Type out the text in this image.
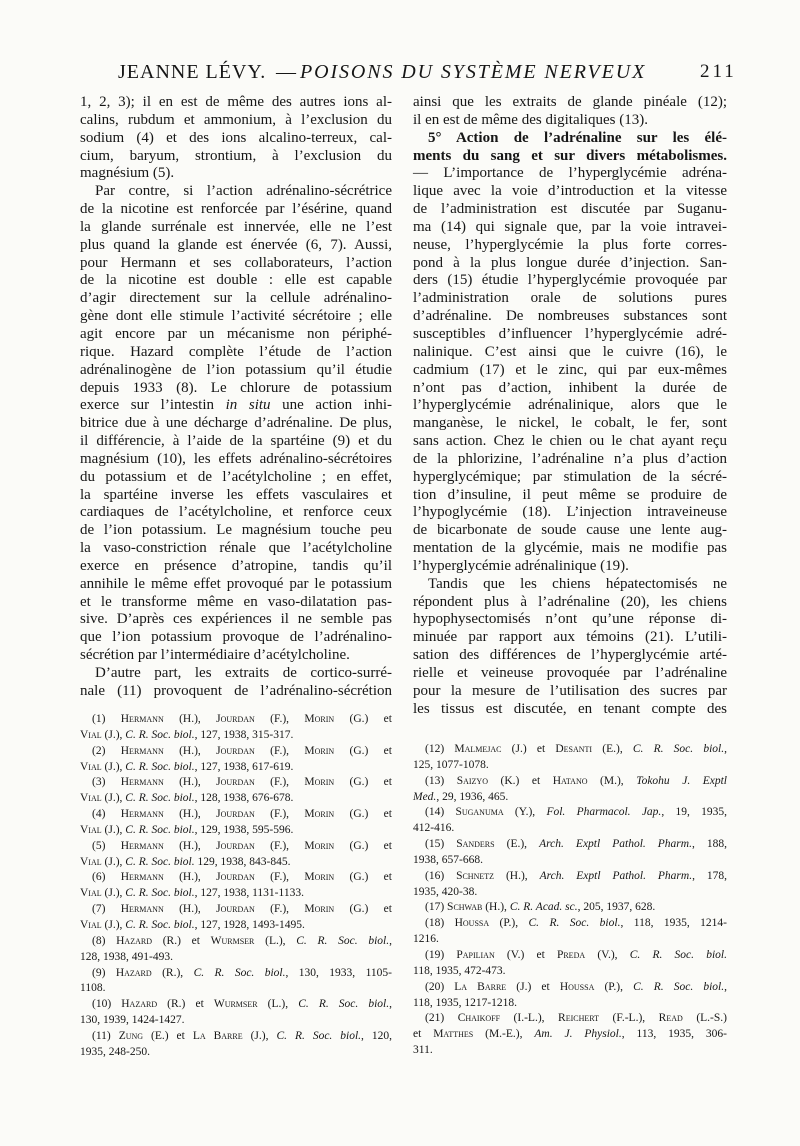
JEANNE LÉVY. — POISONS DU SYSTÈME NERVEUX	211
1, 2, 3); il en est de même des autres ions al-
calins, rubdum et ammonium, à l’exclusion du
sodium (4) et des ions alcalino-terreux, cal-
cium, baryum, strontium, à l’exclusion du
magnésium (5).
Par contre, si l’action adrénalino-sécrétrice
de la nicotine est renforcée par l’ésérine, quand
la glande surrénale est innervée, elle ne l’est
plus quand la glande est énervée (6, 7). Aussi,
pour Hermann et ses collaborateurs, l’action
de la nicotine est double : elle est capable
d’agir directement sur la cellule adrénalino-
gène dont elle stimule l’activité sécrétoire ; elle
agit encore par un mécanisme non périphé-
rique. Hazard complète l’étude de l’action
adrénalinogène de l’ion potassium qu’il étudie
depuis 1933 (8). Le chlorure de potassium
exerce sur l’intestin in situ une action inhi-
bitrice due à une décharge d’adrénaline. De plus,
il différencie, à l’aide de la spartéine (9) et du
magnésium (10), les effets adrénalino-sécrétoires
du potassium et de l’acétylcholine ; en effet,
la spartéine inverse les effets vasculaires et
cardiaques de l’acétylcholine, et renforce ceux
de l’ion potassium. Le magnésium touche peu
la vaso-constriction rénale que l’acétylcholine
exerce en présence d’atropine, tandis qu’il
annihile le même effet provoqué par le potassium
et le transforme même en vaso-dilatation pas-
sive. D’après ces expériences il ne semble pas
que l’ion potassium provoque de l’adrénalino-
sécrétion par l’intermédiaire d’acétylcholine.
D’autre part, les extraits de cortico-surré-
nale (11) provoquent de l’adrénalino-sécrétion
ainsi que les extraits de glande pinéale (12);
il en est de même des digitaliques (13).
5° Action de l’adrénaline sur les élé-
ments du sang et sur divers métabolismes.
— L’importance de l’hyperglycémie adréna-
lique avec la voie d’introduction et la vitesse
de l’administration est discutée par Suganu-
ma (14) qui signale que, par la voie intravei-
neuse, l’hyperglycémie la plus forte corres-
pond à la plus longue durée d’injection. San-
ders (15) étudie l’hyperglycémie provoquée par
l’administration orale de solutions pures
d’adrénaline. De nombreuses substances sont
susceptibles d’influencer l’hyperglycémie adré-
nalinique. C’est ainsi que le cuivre (16), le
cadmium (17) et le zinc, qui par eux-mêmes
n’ont pas d’action, inhibent la durée de
l’hyperglycémie adrénalinique, alors que le
manganèse, le nickel, le cobalt, le fer, sont
sans action. Chez le chien ou le chat ayant reçu
de la phlorizine, l’adrénaline n’a plus d’action
hyperglycémique; par stimulation de la sécré-
tion d’insuline, il peut même se produire de
l’hypoglycémie (18). L’injection intraveineuse
de bicarbonate de soude cause une lente aug-
mentation de la glycémie, mais ne modifie pas
l’hyperglycémie adrénalinique (19).
Tandis que les chiens hépatectomisés ne
répondent plus à l’adrénaline (20), les chiens
hypophysectomisés n’ont qu’une réponse di-
minuée par rapport aux témoins (21). L’utili-
sation des différences de l’hyperglycémie arté-
rielle et veineuse provoquée par l’adrénaline
pour la mesure de l’utilisation des sucres par
les tissus est discutée, en tenant compte des
(1) Hermann (H.), Jourdan (F.), Morin (G.) et
Vial (J.), C. R. Soc. biol., 127, 1938, 315-317.
(2) Hermann (H.), Jourdan (F.), Morin (G.) et
Vial (J.), C. R. Soc. biol., 127, 1938, 617-619.
(3) Hermann (H.), Jourdan (F.), Morin (G.) et
Vial (J.), C. R. Soc. biol., 128, 1938, 676-678.
(4) Hermann (H.), Jourdan (F.), Morin (G.) et
Vial (J.), C. R. Soc. biol., 129, 1938, 595-596.
(5) Hermann (H.), Jourdan (F.), Morin (G.) et
Vial (J.), C. R. Soc. biol. 129, 1938, 843-845.
(6) Hermann (H.), Jourdan (F.), Morin (G.) et
Vial (J.), C. R. Soc. biol., 127, 1938, 1131-1133.
(7) Hermann (H.), Jourdan (F.), Morin (G.) et
Vial (J.), C. R. Soc. biol., 127, 1928, 1493-1495.
(8) Hazard (R.) et Wurmser (L.), C. R. Soc. biol.,
128, 1938, 491-493.
(9) Hazard (R.), C. R. Soc. biol., 130, 1933, 1105-
1108.
(10) Hazard (R.) et Wurmser (L.), C. R. Soc. biol.,
130, 1939, 1424-1427.
(11) Zung (E.) et La Barre (J.), C. R. Soc. biol., 120,
1935, 248-250.
(12) Malmejac (J.) et Desanti (E.), C. R. Soc. biol.,
125, 1077-1078.
(13) Saizyo (K.) et Hatano (M.), Tokohu J. Exptl
Med., 29, 1936, 465.
(14) Suganuma (Y.), Fol. Pharmacol. Jap., 19, 1935,
412-416.
(15) Sanders (E.), Arch. Exptl Pathol. Pharm., 188,
1938, 657-668.
(16) Schnetz (H.), Arch. Exptl Pathol. Pharm., 178,
1935, 420-38.
(17) Schwab (H.), C. R. Acad. sc., 205, 1937, 628.
(18) Houssa (P.), C. R. Soc. biol., 118, 1935, 1214-
1216.
(19) Papilian (V.) et Preda (V.), C. R. Soc. biol.
118, 1935, 472-473.
(20) La Barre (J.) et Houssa (P.), C. R. Soc. biol.,
118, 1935, 1217-1218.
(21) Chaikoff (I.-L.), Reichert (F.-L.), Read (L.-S.)
et Matthes (M.-E.), Am. J. Physiol., 113, 1935, 306-
311.
